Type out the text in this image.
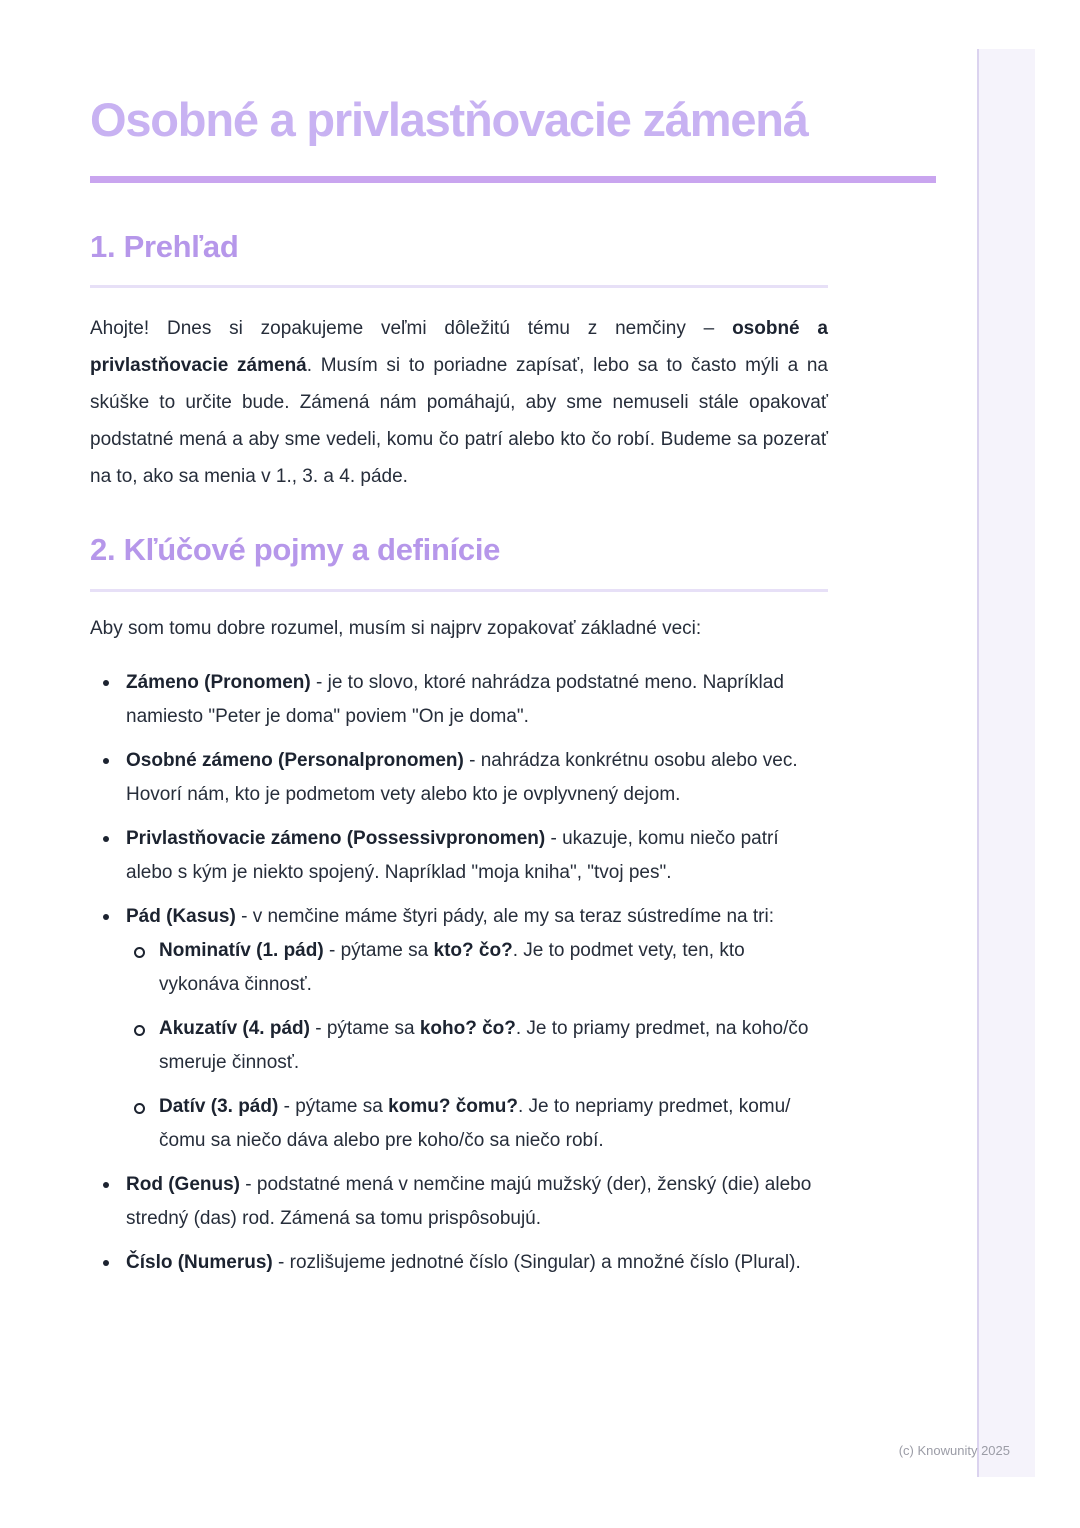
Osobné a privlastňovacie zámená
1. Prehľad

Ahojte! Dnes si zopakujeme veľmi dôležitú tému z nemčiny – osobné a privlastňovacie zámená. Musím si to poriadne zapísať, lebo sa to často mýli a na skúške to určite bude. Zámená nám pomáhajú, aby sme nemuseli stále opakovať podstatné mená a aby sme vedeli, komu čo patrí alebo kto čo robí. Budeme sa pozerať na to, ako sa menia v 1., 3. a 4. páde.

2. Kľúčové pojmy a definície

Aby som tomu dobre rozumel, musím si najprv zopakovať základné veci:

Zámeno (Pronomen) - je to slovo, ktoré nahrádza podstatné meno. Napríklad namiesto "Peter je doma" poviem "On je doma".
Osobné zámeno (Personalpronomen) - nahrádza konkrétnu osobu alebo vec. Hovorí nám, kto je podmetom vety alebo kto je ovplyvnený dejom.
Privlastňovacie zámeno (Possessivpronomen) - ukazuje, komu niečo patrí alebo s kým je niekto spojený. Napríklad "moja kniha", "tvoj pes".
Pád (Kasus) - v nemčine máme štyri pády, ale my sa teraz sústredíme na tri:
Nominatív (1. pád) - pýtame sa kto? čo?. Je to podmet vety, ten, kto vykonáva činnosť.
Akuzatív (4. pád) - pýtame sa koho? čo?. Je to priamy predmet, na koho/čo smeruje činnosť.
Datív (3. pád) - pýtame sa komu? čomu?. Je to nepriamy predmet, komu/čomu sa niečo dáva alebo pre koho/čo sa niečo robí.
Rod (Genus) - podstatné mená v nemčine majú mužský (der), ženský (die) alebo stredný (das) rod. Zámená sa tomu prispôsobujú.
Číslo (Numerus) - rozlišujeme jednotné číslo (Singular) a množné číslo (Plural).
(c) Knowunity 2025
